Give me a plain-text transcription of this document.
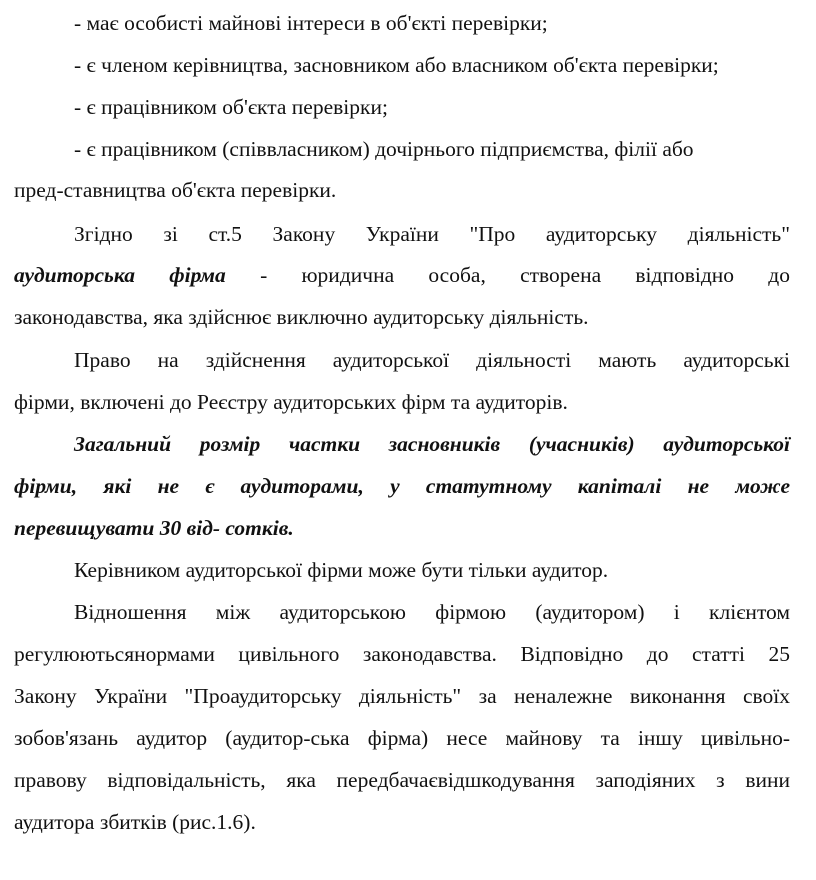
- має особисті майнові інтереси в об'єкті перевірки;
- є членом керівництва, засновником або власником об'єкта перевірки;
- є працівником об'єкта перевірки;
- є працівником (співвласником) дочірнього підприємства, філії або
пред-ставництва об'єкта перевірки.
Згідно зі ст.5 Закону України "Про аудиторську діяльність"
аудиторська фірма - юридична особа, створена відповідно до
законодавства, яка здійснює виключно аудиторську діяльність.
Право на здійснення аудиторської діяльності мають аудиторські
фірми, включені до Реєстру аудиторських фірм та аудиторів.
Загальний розмір частки засновників (учасників) аудиторської
фірми, які не є аудиторами, у статутному капіталі не може
перевищувати 30 від- сотків.
Керівником аудиторської фірми може бути тільки аудитор.
Відношення між аудиторською фірмою (аудитором) і клієнтом
регулюютьсянормами цивільного законодавства. Відповідно до статті 25
Закону України "Проаудиторську діяльність" за неналежне виконання своїх
зобов'язань аудитор (аудитор-ська фірма) несе майнову та іншу цивільно-
правову відповідальність, яка передбачаєвідшкодування заподіяних з вини
аудитора збитків (рис.1.6).
